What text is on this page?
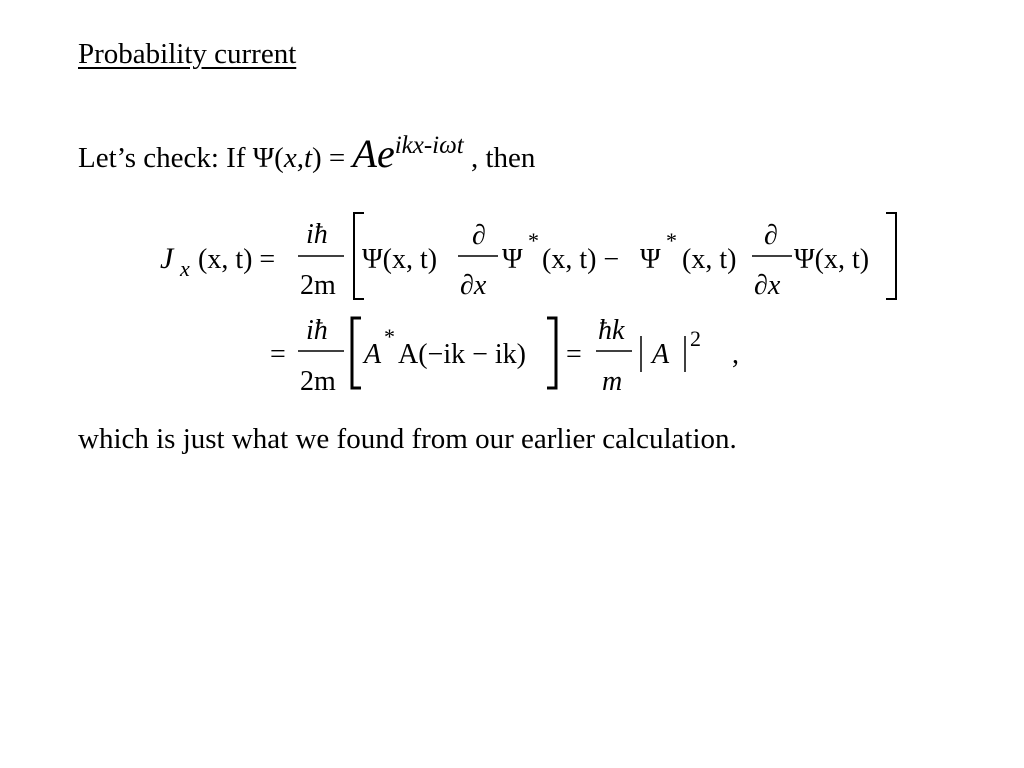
Probability current
Let’s check: If Ψ(x,t) = Aeikx-iωt , then
J x (x, t) =
iħ
2m
Ψ(x, t)
∂
∂x
Ψ
*
(x, t) − Ψ
*
(x, t)
∂
∂x
Ψ(x, t)
=
iħ
2m
A
*
A(−ik − ik) =
ħk
m
A
2
,
which is just what we found from our earlier calculation.
